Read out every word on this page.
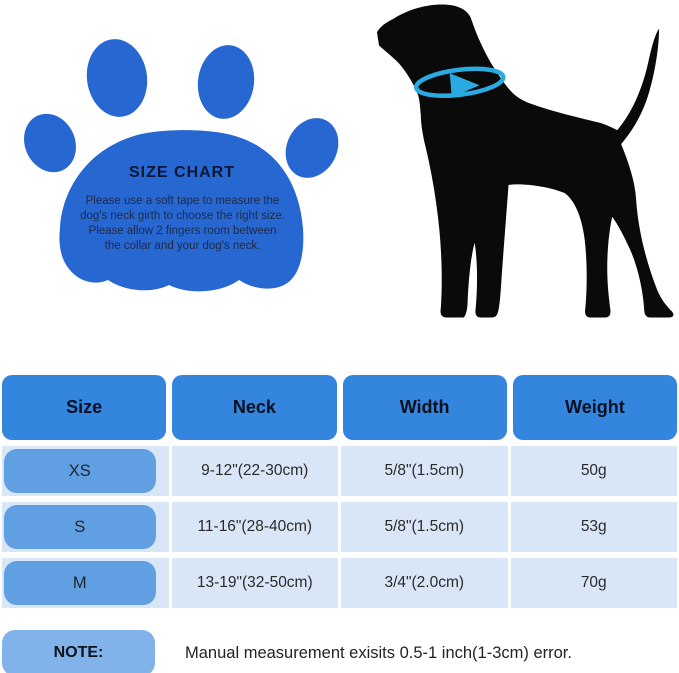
SIZE CHART
Please use a soft tape to measure the
dog's neck girth to choose the right size.
Please allow 2 fingers room between
the collar and your dog's neck.
Size	Neck	Width	Weight
XS	9-12"(22-30cm)	5/8"(1.5cm)	50g
S	11-16"(28-40cm)	5/8"(1.5cm)	53g
M	13-19"(32-50cm)	3/4"(2.0cm)	70g
NOTE:	Manual measurement exisits 0.5-1 inch(1-3cm) error.
